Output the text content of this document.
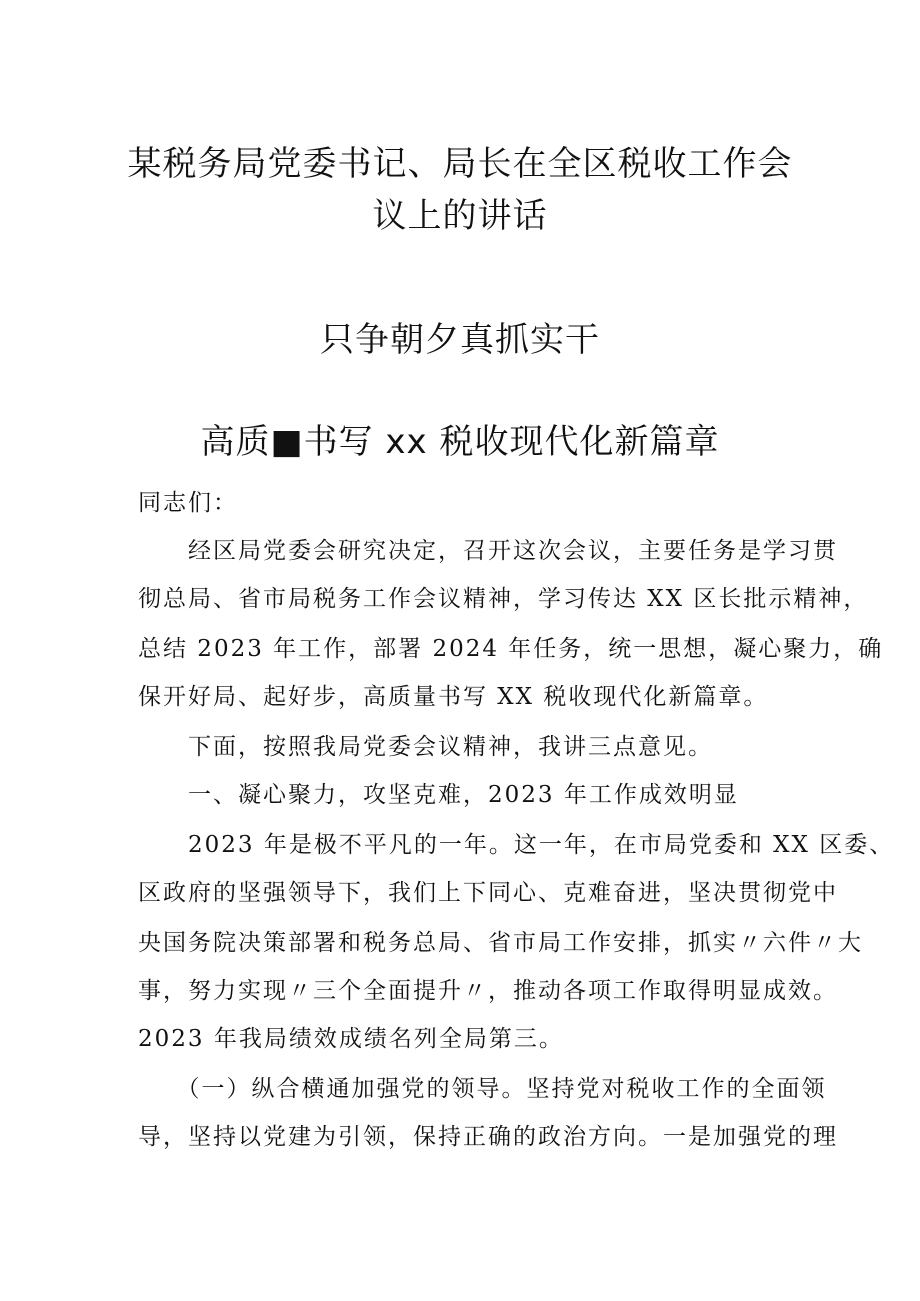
某税务局党委书记、局长在全区税收工作会
议上的讲话
只争朝夕真抓实干
高质■书写 xx 税收现代化新篇章
同志们：
　　经区局党委会研究决定，召开这次会议，主要任务是学习贯
彻总局、省市局税务工作会议精神，学习传达 XX 区长批示精神，
总结 2023 年工作，部署 2024 年任务，统一思想，凝心聚力，确
保开好局、起好步，高质量书写 XX 税收现代化新篇章。
　　下面，按照我局党委会议精神，我讲三点意见。
　　一、凝心聚力，攻坚克难，2023 年工作成效明显
　　2023 年是极不平凡的一年。这一年，在市局党委和 XX 区委、
区政府的坚强领导下，我们上下同心、克难奋进，坚决贯彻党中
央国务院决策部署和税务总局、省市局工作安排，抓实〃六件〃大
事，努力实现〃三个全面提升〃，推动各项工作取得明显成效。
2023 年我局绩效成绩名列全局第三。
　　（一）纵合横通加强党的领导。坚持党对税收工作的全面领
导，坚持以党建为引领，保持正确的政治方向。一是加强党的理
